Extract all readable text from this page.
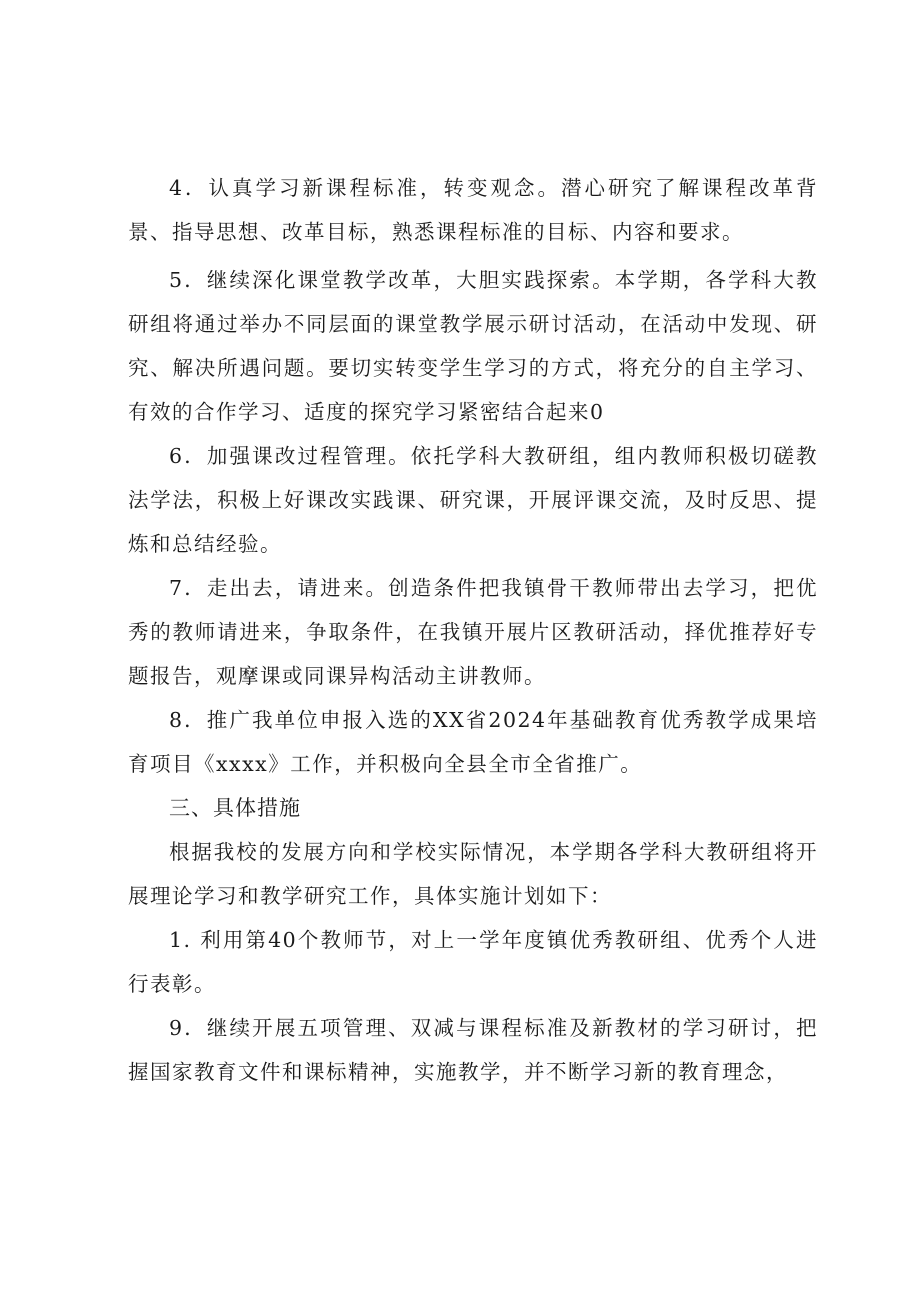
4．认真学习新课程标准，转变观念。潜心研究了解课程改革背景、指导思想、改革目标，熟悉课程标准的目标、内容和要求。

5．继续深化课堂教学改革，大胆实践探索。本学期，各学科大教研组将通过举办不同层面的课堂教学展示研讨活动，在活动中发现、研究、解决所遇问题。要切实转变学生学习的方式，将充分的自主学习、有效的合作学习、适度的探究学习紧密结合起来0

6．加强课改过程管理。依托学科大教研组，组内教师积极切磋教法学法，积极上好课改实践课、研究课，开展评课交流，及时反思、提炼和总结经验。

7．走出去，请进来。创造条件把我镇骨干教师带出去学习，把优秀的教师请进来，争取条件，在我镇开展片区教研活动，择优推荐好专题报告，观摩课或同课异构活动主讲教师。

8．推广我单位申报入选的XX省2024年基础教育优秀教学成果培育项目《xxxx》工作，并积极向全县全市全省推广。

三、具体措施

根据我校的发展方向和学校实际情况，本学期各学科大教研组将开展理论学习和教学研究工作，具体实施计划如下：

1. 利用第40个教师节，对上一学年度镇优秀教研组、优秀个人进行表彰。

9．继续开展五项管理、双减与课程标准及新教材的学习研讨，把握国家教育文件和课标精神，实施教学，并不断学习新的教育理念，
